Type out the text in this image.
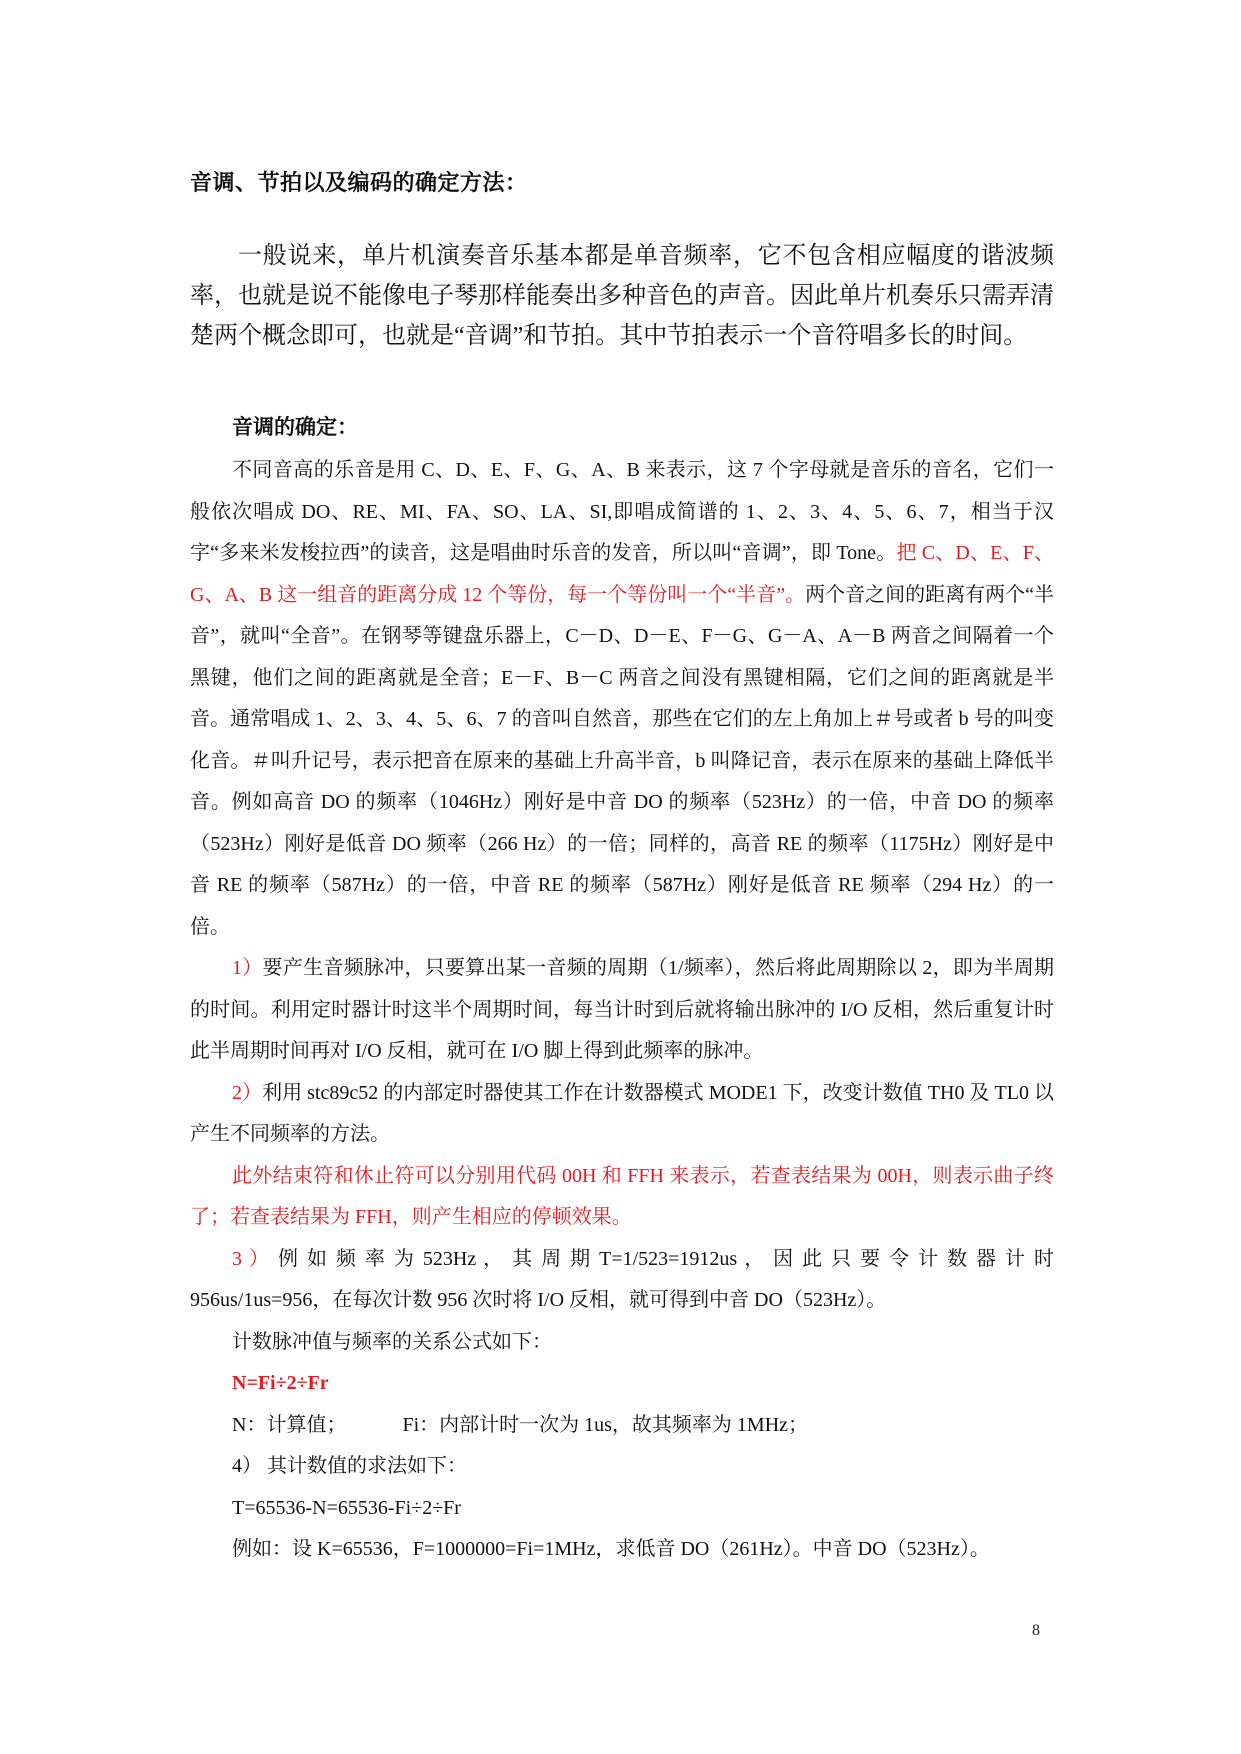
音调、节拍以及编码的确定方法：

一般说来，单片机演奏音乐基本都是单音频率，它不包含相应幅度的谐波频率，也就是说不能像电子琴那样能奏出多种音色的声音。因此单片机奏乐只需弄清楚两个概念即可，也就是“音调”和节拍。其中节拍表示一个音符唱多长的时间。

音调的确定：

不同音高的乐音是用 C、D、E、F、G、A、B 来表示，这 7 个字母就是音乐的音名，它们一般依次唱成 DO、RE、MI、FA、SO、LA、SI,即唱成简谱的 1、2、3、4、5、6、7，相当于汉字“多来米发梭拉西”的读音，这是唱曲时乐音的发音，所以叫“音调”，即 Tone。把 C、D、E、F、G、A、B 这一组音的距离分成 12 个等份，每一个等份叫一个“半音”。两个音之间的距离有两个“半音”，就叫“全音”。在钢琴等键盘乐器上，C－D、D－E、F－G、G－A、A－B 两音之间隔着一个黑键，他们之间的距离就是全音；E－F、B－C 两音之间没有黑键相隔，它们之间的距离就是半音。通常唱成 1、2、3、4、5、6、7 的音叫自然音，那些在它们的左上角加上＃号或者 b 号的叫变化音。＃叫升记号，表示把音在原来的基础上升高半音，b 叫降记音，表示在原来的基础上降低半音。例如高音 DO 的频率（1046Hz）刚好是中音 DO 的频率（523Hz）的一倍，中音 DO 的频率（523Hz）刚好是低音 DO 频率（266 Hz）的一倍；同样的，高音 RE 的频率（1175Hz）刚好是中音 RE 的频率（587Hz）的一倍，中音 RE 的频率（587Hz）刚好是低音 RE 频率（294 Hz）的一倍。

1）要产生音频脉冲，只要算出某一音频的周期（1/频率），然后将此周期除以 2，即为半周期的时间。利用定时器计时这半个周期时间，每当计时到后就将输出脉冲的 I/O 反相，然后重复计时此半周期时间再对 I/O 反相，就可在 I/O 脚上得到此频率的脉冲。

2）利用 stc89c52 的内部定时器使其工作在计数器模式 MODE1 下，改变计数值 TH0 及 TL0 以产生不同频率的方法。

此外结束符和休止符可以分别用代码 00H 和 FFH 来表示，若查表结果为 00H，则表示曲子终了；若查表结果为 FFH，则产生相应的停顿效果。

3 ） 例 如 频 率 为 523Hz ， 其 周 期 T=1/523=1912us ， 因 此 只 要 令 计 数 器 计 时 956us/1us=956，在每次计数 956 次时将 I/O 反相，就可得到中音 DO（523Hz）。

计数脉冲值与频率的关系公式如下：

N=Fi÷2÷Fr

N：计算值；	Fi：内部计时一次为 1us，故其频率为 1MHz；

4） 其计数值的求法如下：

T=65536-N=65536-Fi÷2÷Fr

例如：设 K=65536，F=1000000=Fi=1MHz，求低音 DO（261Hz）。中音 DO（523Hz）。

8
